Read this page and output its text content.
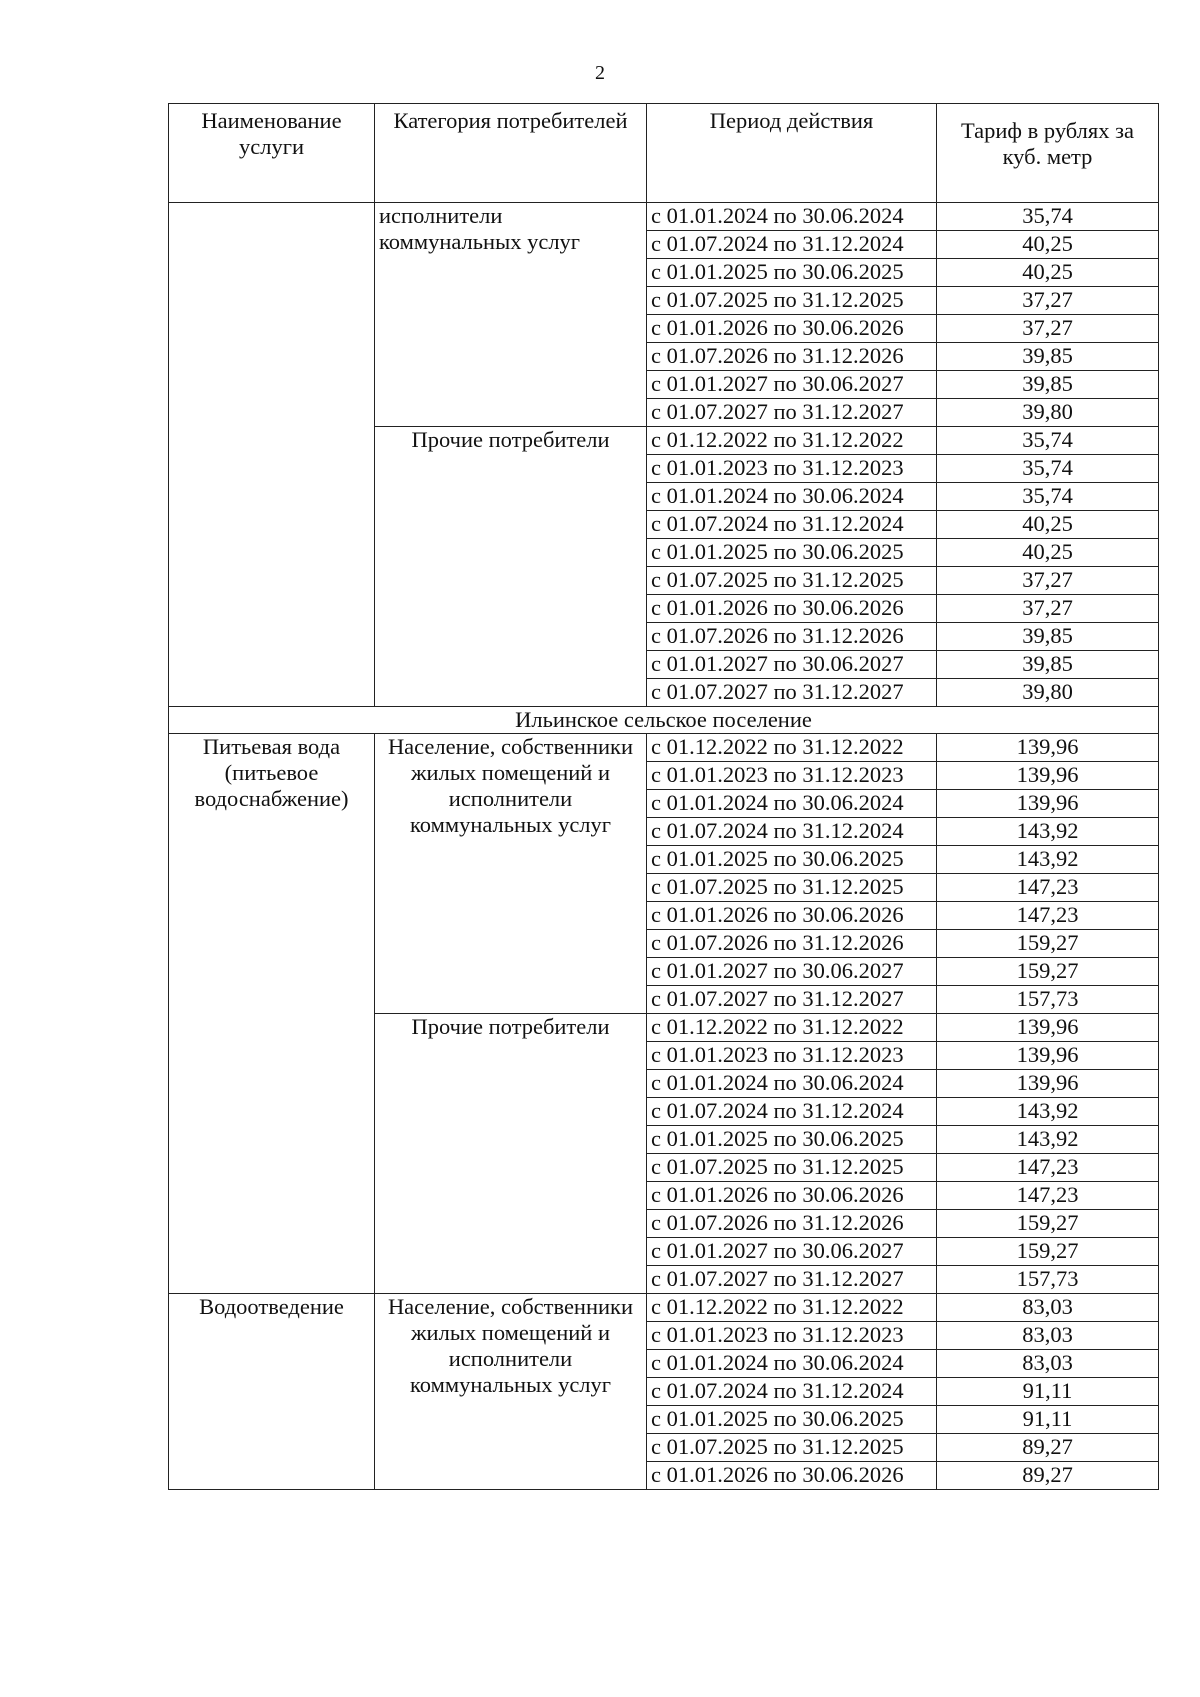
2
Наименование услуги	Категория потребителей	Период действия	Тариф в рублях за куб. метр
	исполнители коммунальных услуг	с 01.01.2024 по 30.06.2024	35,74
		с 01.07.2024 по 31.12.2024	40,25
		с 01.01.2025 по 30.06.2025	40,25
		с 01.07.2025 по 31.12.2025	37,27
		с 01.01.2026 по 30.06.2026	37,27
		с 01.07.2026 по 31.12.2026	39,85
		с 01.01.2027 по 30.06.2027	39,85
		с 01.07.2027 по 31.12.2027	39,80
	Прочие потребители	с 01.12.2022 по 31.12.2022	35,74
		с 01.01.2023 по 31.12.2023	35,74
		с 01.01.2024 по 30.06.2024	35,74
		с 01.07.2024 по 31.12.2024	40,25
		с 01.01.2025 по 30.06.2025	40,25
		с 01.07.2025 по 31.12.2025	37,27
		с 01.01.2026 по 30.06.2026	37,27
		с 01.07.2026 по 31.12.2026	39,85
		с 01.01.2027 по 30.06.2027	39,85
		с 01.07.2027 по 31.12.2027	39,80
Ильинское сельское поселение			
Питьевая вода (питьевое водоснабжение)	Население, собственники жилых помещений и исполнители коммунальных услуг	с 01.12.2022 по 31.12.2022	139,96
		с 01.01.2023 по 31.12.2023	139,96
		с 01.01.2024 по 30.06.2024	139,96
		с 01.07.2024 по 31.12.2024	143,92
		с 01.01.2025 по 30.06.2025	143,92
		с 01.07.2025 по 31.12.2025	147,23
		с 01.01.2026 по 30.06.2026	147,23
		с 01.07.2026 по 31.12.2026	159,27
		с 01.01.2027 по 30.06.2027	159,27
		с 01.07.2027 по 31.12.2027	157,73
	Прочие потребители	с 01.12.2022 по 31.12.2022	139,96
		с 01.01.2023 по 31.12.2023	139,96
		с 01.01.2024 по 30.06.2024	139,96
		с 01.07.2024 по 31.12.2024	143,92
		с 01.01.2025 по 30.06.2025	143,92
		с 01.07.2025 по 31.12.2025	147,23
		с 01.01.2026 по 30.06.2026	147,23
		с 01.07.2026 по 31.12.2026	159,27
		с 01.01.2027 по 30.06.2027	159,27
		с 01.07.2027 по 31.12.2027	157,73
Водоотведение	Население, собственники жилых помещений и исполнители коммунальных услуг	с 01.12.2022 по 31.12.2022	83,03
		с 01.01.2023 по 31.12.2023	83,03
		с 01.01.2024 по 30.06.2024	83,03
		с 01.07.2024 по 31.12.2024	91,11
		с 01.01.2025 по 30.06.2025	91,11
		с 01.07.2025 по 31.12.2025	89,27
		с 01.01.2026 по 30.06.2026	89,27
